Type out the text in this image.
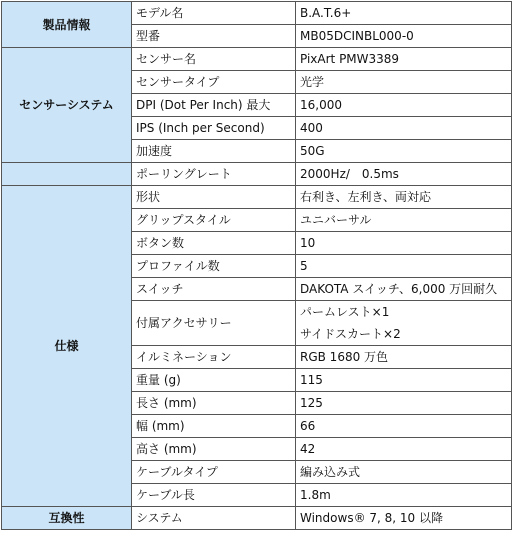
製品情報	モデル名	B.A.T.6+
	型番	MB05DCINBL000-0
センサーシステム	センサー名	PixArt PMW3389
	センサータイプ	光学
	DPI (Dot Per Inch) 最大	16,000
	IPS (Inch per Second)	400
	加速度	50G
	ポーリングレート	2000Hz/　0.5ms
仕様	形状	右利き、左利き、両対応
	グリップスタイル	ユニバーサル
	ボタン数	10
	プロファイル数	5
	スイッチ	DAKOTA スイッチ、6,000 万回耐久
	付属アクセサリー	パームレスト×1
サイドスカート×2

	イルミネーション	RGB 1680 万色
	重量 (g)	115
	長さ (mm)	125
	幅 (mm)	66
	高さ (mm)	42
	ケーブルタイプ	編み込み式
	ケーブル長	1.8m
互換性	システム	Windows® 7, 8, 10 以降
